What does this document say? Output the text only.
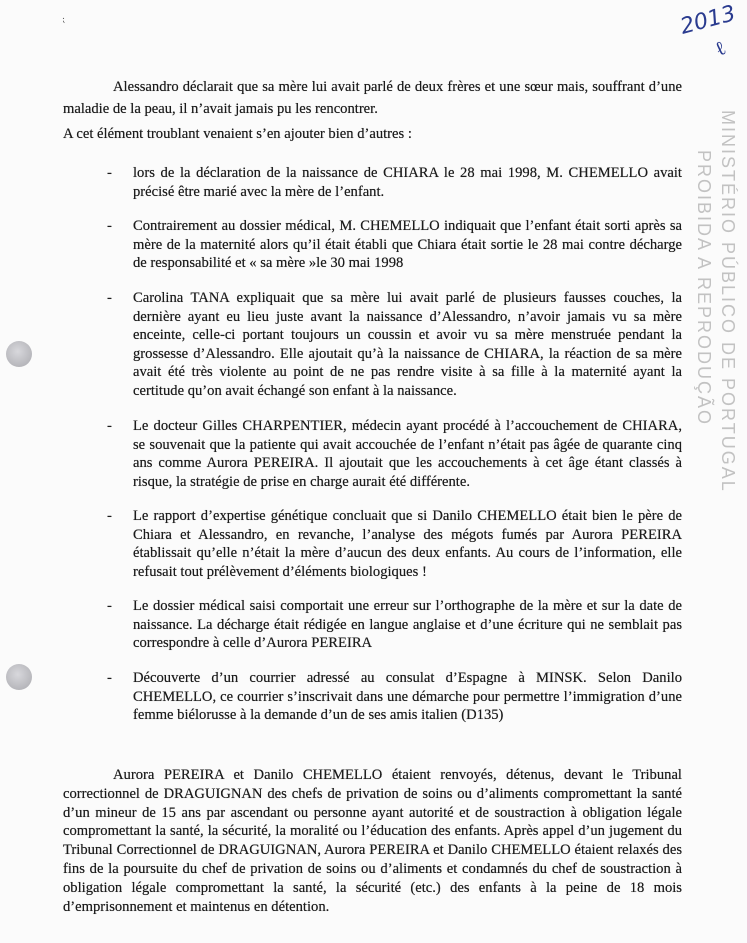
⁏	2013
ℓ
MINISTÉRIO PÚBLICO DE PORTUGAL
PROIBIDA A REPRODUÇÃO

Alessandro déclarait que sa mère lui avait parlé de deux frères et une sœur mais, souffrant d’une maladie de la peau, il n’avait jamais pu les rencontrer.

A cet élément troublant venaient s’en ajouter bien d’autres :

- lors de la déclaration de la naissance de CHIARA le 28 mai 1998, M. CHEMELLO avait précisé être marié avec la mère de l’enfant.
- Contrairement au dossier médical, M. CHEMELLO indiquait que l’enfant était sorti après sa mère de la maternité alors qu’il était établi que Chiara était sortie le 28 mai contre décharge de responsabilité et « sa mère »le 30 mai 1998
- Carolina TANA expliquait que sa mère lui avait parlé de plusieurs fausses couches, la dernière ayant eu lieu juste avant la naissance d’Alessandro, n’avoir jamais vu sa mère enceinte, celle-ci portant toujours un coussin et avoir vu sa mère menstruée pendant la grossesse d’Alessandro. Elle ajoutait qu’à la naissance de CHIARA, la réaction de sa mère avait été très violente au point de ne pas rendre visite à sa fille à la maternité ayant la certitude qu’on avait échangé son enfant à la naissance.
- Le docteur Gilles CHARPENTIER, médecin ayant procédé à l’accouchement de CHIARA, se souvenait que la patiente qui avait accouchée de l’enfant n’était pas âgée de quarante cinq ans comme Aurora PEREIRA. Il ajoutait que les accouchements à cet âge étant classés à risque, la stratégie de prise en charge aurait été différente.
- Le rapport d’expertise génétique concluait que si Danilo CHEMELLO était bien le père de Chiara et Alessandro, en revanche, l’analyse des mégots fumés par Aurora PEREIRA établissait qu’elle n’était la mère d’aucun des deux enfants. Au cours de l’information, elle refusait tout prélèvement d’éléments biologiques !
- Le dossier médical saisi comportait une erreur sur l’orthographe de la mère et sur la date de naissance. La décharge était rédigée en langue anglaise et d’une écriture qui ne semblait pas correspondre à celle d’Aurora PEREIRA
- Découverte d’un courrier adressé au consulat d’Espagne à MINSK. Selon Danilo CHEMELLO, ce courrier s’inscrivait dans une démarche pour permettre l’immigration d’une femme biélorusse à la demande d’un de ses amis italien (D135)

Aurora PEREIRA et Danilo CHEMELLO étaient renvoyés, détenus, devant le Tribunal correctionnel de DRAGUIGNAN des chefs de privation de soins ou d’aliments compromettant la santé d’un mineur de 15 ans par ascendant ou personne ayant autorité et de soustraction à obligation légale compromettant la santé, la sécurité, la moralité ou l’éducation des enfants. Après appel d’un jugement du Tribunal Correctionnel de DRAGUIGNAN, Aurora PEREIRA et Danilo CHEMELLO étaient relaxés des fins de la poursuite du chef de privation de soins ou d’aliments et condamnés du chef de soustraction à obligation légale compromettant la santé, la sécurité (etc.) des enfants à la peine de 18 mois d’emprisonnement et maintenus en détention.
